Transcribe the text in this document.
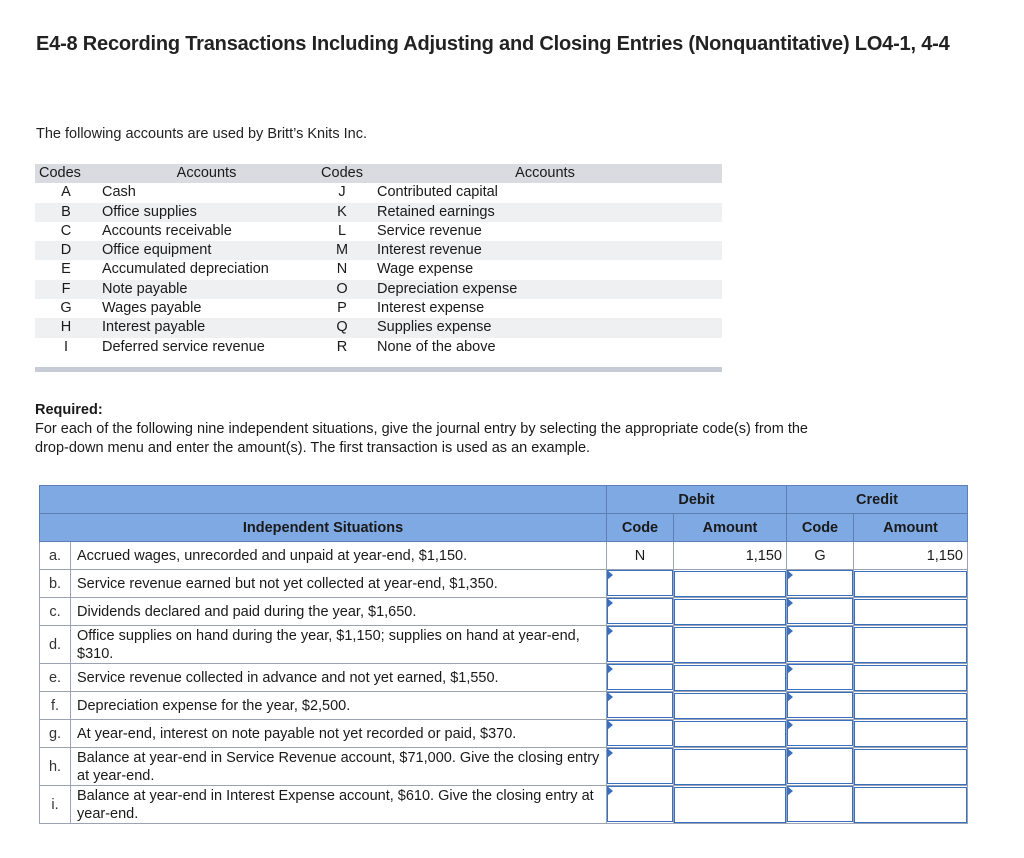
E4-8 Recording Transactions Including Adjusting and Closing Entries (Nonquantitative) LO4-1, 4-4
The following accounts are used by Britt’s Knits Inc.
Codes	Accounts	Codes	Accounts
A	Cash	J	Contributed capital
B	Office supplies	K	Retained earnings
C	Accounts receivable	L	Service revenue
D	Office equipment	M	Interest revenue
E	Accumulated depreciation	N	Wage expense
F	Note payable	O	Depreciation expense
G	Wages payable	P	Interest expense
H	Interest payable	Q	Supplies expense
I	Deferred service revenue	R	None of the above
Required:
For each of the following nine independent situations, give the journal entry by selecting the appropriate code(s) from the drop-down menu and enter the amount(s). The first transaction is used as an example.
		Debit		Credit	
Independent Situations		Code	Amount	Code	Amount
a.	Accrued wages, unrecorded and unpaid at year-end, $1,150.	N	1,150	G	1,150
b.	Service revenue earned but not yet collected at year-end, $1,350.	

c.	Dividends declared and paid during the year, $1,650.	

d.	Office supplies on hand during the year, $1,150; supplies on hand at year-end, $310.	

e.	Service revenue collected in advance and not yet earned, $1,550.	

f.	Depreciation expense for the year, $2,500.	

g.	At year-end, interest on note payable not yet recorded or paid, $370.	

h.	Balance at year-end in Service Revenue account, $71,000. Give the closing entry at year-end.	

i.	Balance at year-end in Interest Expense account, $610. Give the closing entry at year-end.	
